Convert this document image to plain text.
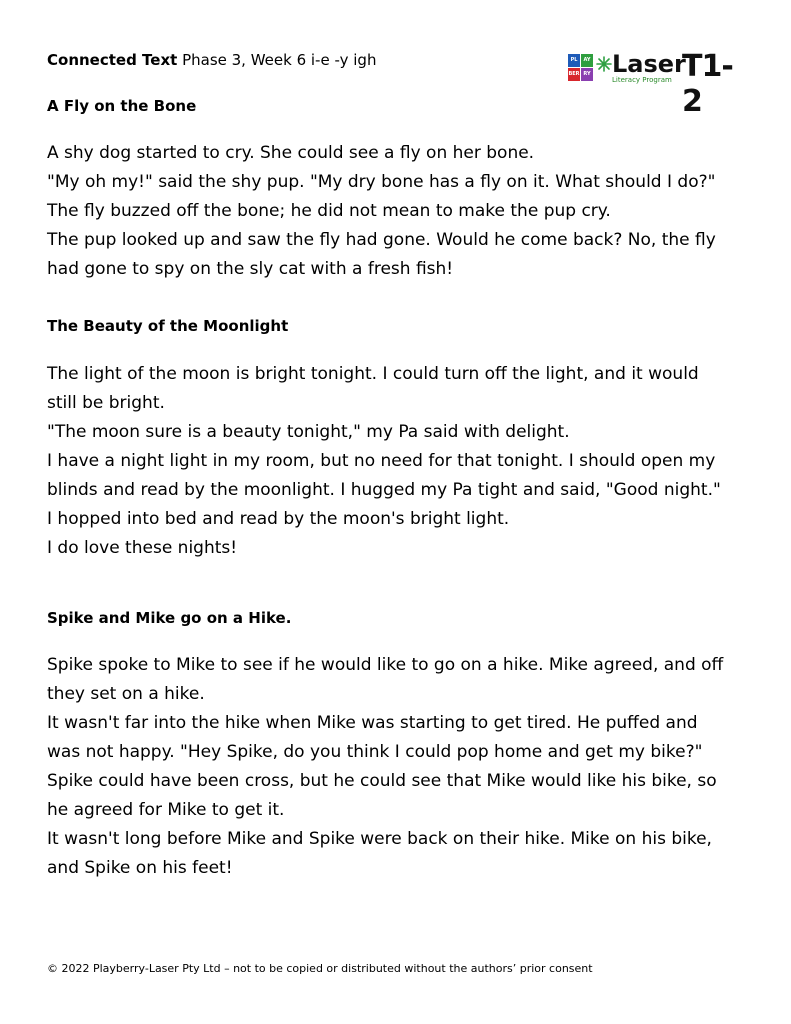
Connected Text Phase 3, Week 6 i-e -y igh	PL	AY
BER RY Laser
Literacy Program T1-2
A Fly on the Bone
A shy dog started to cry. She could see a fly on her bone.
"My oh my!" said the shy pup. "My dry bone has a fly on it. What should I do?"
The fly buzzed off the bone; he did not mean to make the pup cry.
The pup looked up and saw the fly had gone. Would he come back? No, the fly
had gone to spy on the sly cat with a fresh fish!
The Beauty of the Moonlight
The light of the moon is bright tonight. I could turn off the light, and it would
still be bright.
"The moon sure is a beauty tonight," my Pa said with delight.
I have a night light in my room, but no need for that tonight. I should open my
blinds and read by the moonlight. I hugged my Pa tight and said, "Good night."
I hopped into bed and read by the moon's bright light.
I do love these nights!
Spike and Mike go on a Hike.
Spike spoke to Mike to see if he would like to go on a hike. Mike agreed, and off
they set on a hike.
It wasn't far into the hike when Mike was starting to get tired. He puffed and
was not happy. "Hey Spike, do you think I could pop home and get my bike?"
Spike could have been cross, but he could see that Mike would like his bike, so
he agreed for Mike to get it.
It wasn't long before Mike and Spike were back on their hike. Mike on his bike,
and Spike on his feet!
© 2022 Playberry-Laser Pty Ltd – not to be copied or distributed without the authors’ prior consent
